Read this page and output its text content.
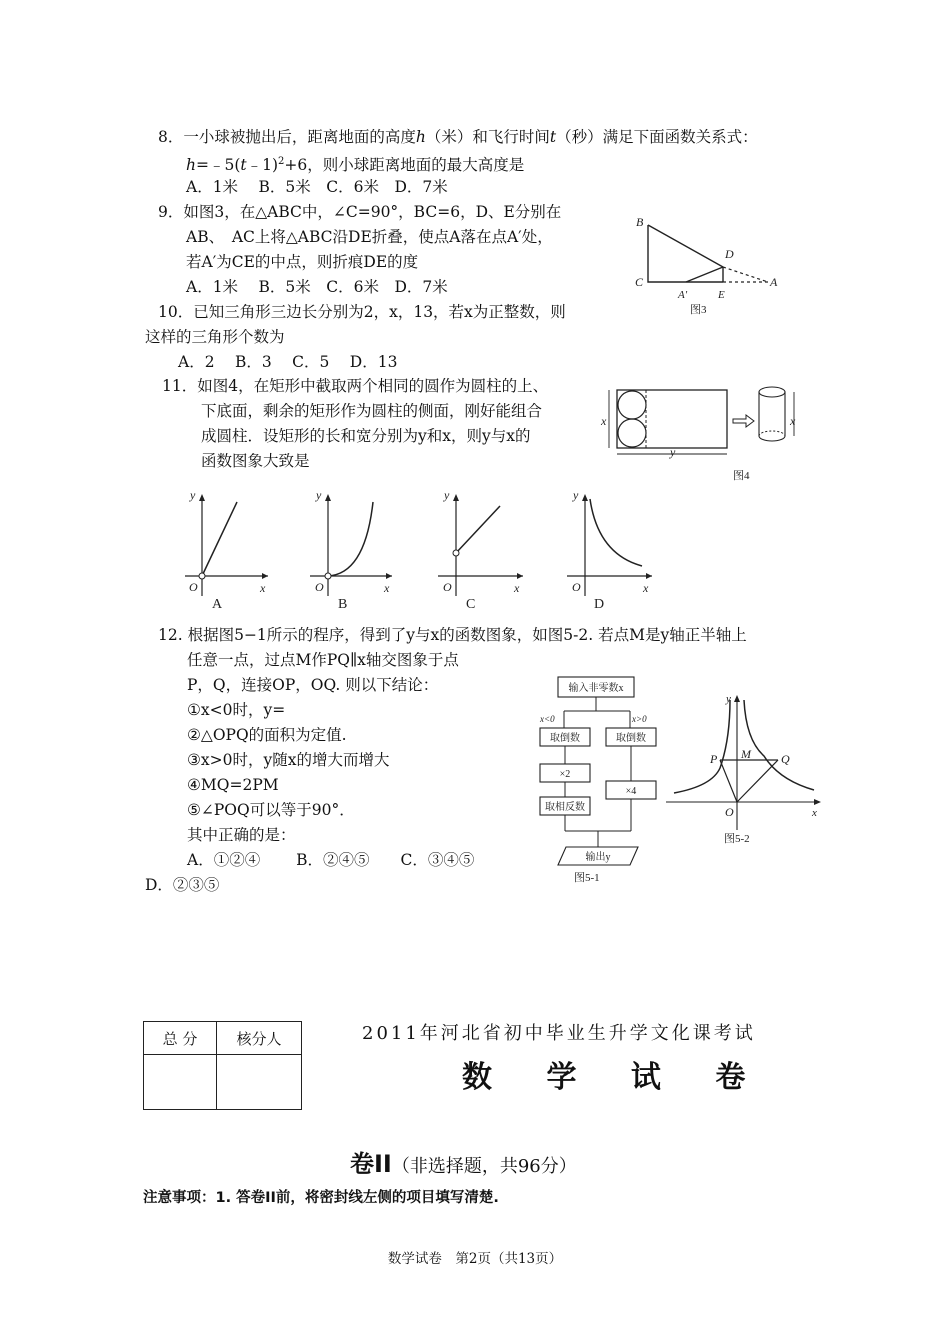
8．一小球被抛出后，距离地面的高度h（米）和飞行时间t（秒）满足下面函数关系式：
h=﹣5(t﹣1)$^2$+6，则小球距离地面的最大高度是
A．1米　 B．5米　C．6米　D．7米
9．如图3，在△ABC中，∠C=90°，BC=6，D、E分别在
AB、　AC上将△ABC沿DE折叠，使点A落在点A′处，
若A′为CE的中点，则折痕DE的度
A．1米　 B．5米　C．6米　D．7米
B
C
D
A
A′	E
图3
10．已知三角形三边长分别为2，x，13，若x为正整数，则
这样的三角形个数为
A．2　 B．3　 C．5　 D．13
11．如图4，在矩形中截取两个相同的圆作为圆柱的上、
下底面，剩余的矩形作为圆柱的侧面，刚好能组合
成圆柱．设矩形的长和宽分别为y和x，则y与x的
函数图象大致是
x
y
x
图4
y
x
O
A
y
x
O
B
y
x
O
C
y
x
O
D
12. 根据图5−1所示的程序，得到了y与x的函数图象，如图5-2. 若点M是y轴正半轴上
任意一点，过点M作PQ∥x轴交图象于点
P，Q，连接OP，OQ. 则以下结论：
①x<0时，y=
②△OPQ的面积为定值.
③x>0时，y随x的增大而增大
④MQ=2PM
⑤∠POQ可以等于90°．
其中正确的是：
A．①②④　　 B．②④⑤　　C．③④⑤
D．②③⑤
输入非零数x
x<0	x>0
取倒数	取倒数
×2
取相反数
×4
输出y
图5-1
y
x
O
P M	Q
图5-2
总 分	核分人
		2011年河北省初中毕业生升学文化课考试
数 学 试 卷
卷II（非选择题，共96分）
注意事项：1. 答卷II前，将密封线左侧的项目填写清楚.
数学试卷　第2页（共13页）
